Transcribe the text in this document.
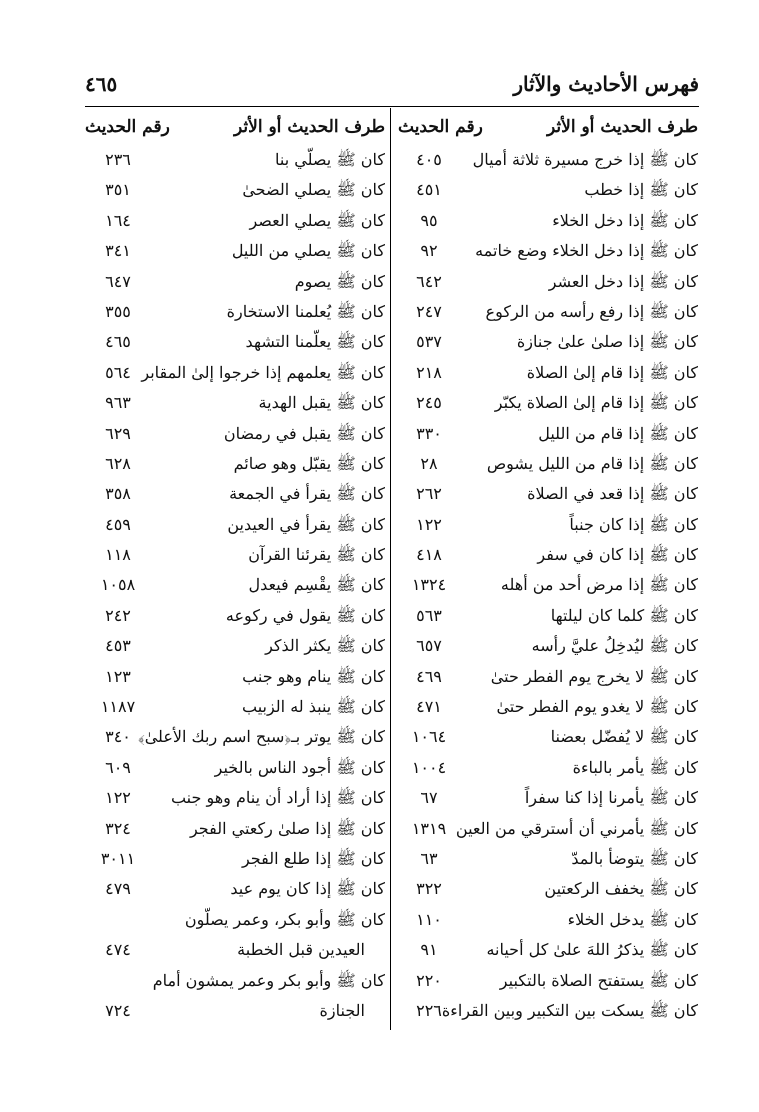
فهرس الأحاديث والآثار
٤٦٥
طرف الحديث أو الأثر
رقم الحديث
كان ﷺ إذا خرج مسيرة ثلاثة أميال
٤٠٥
كان ﷺ إذا خطب
٤٥١
كان ﷺ إذا دخل الخلاء
٩٥
كان ﷺ إذا دخل الخلاء وضع خاتمه
٩٢
كان ﷺ إذا دخل العشر
٦٤٢
كان ﷺ إذا رفع رأسه من الركوع
٢٤٧
كان ﷺ إذا صلىٰ علىٰ جنازة
٥٣٧
كان ﷺ إذا قام إلىٰ الصلاة
٢١٨
كان ﷺ إذا قام إلىٰ الصلاة يكبّر
٢٤٥
كان ﷺ إذا قام من الليل
٣٣٠
كان ﷺ إذا قام من الليل يشوص
٢٨
كان ﷺ إذا قعد في الصلاة
٢٦٢
كان ﷺ إذا كان جنباً
١٢٢
كان ﷺ إذا كان في سفر
٤١٨
كان ﷺ إذا مرض أحد من أهله
١٣٢٤
كان ﷺ كلما كان ليلتها
٥٦٣
كان ﷺ ليُدخِلُ عليَّ رأسه
٦٥٧
كان ﷺ لا يخرج يوم الفطر حتىٰ
٤٦٩
كان ﷺ لا يغدو يوم الفطر حتىٰ
٤٧١
كان ﷺ لا يُفضّل بعضنا
١٠٦٤
كان ﷺ يأمر بالباءة
١٠٠٤
كان ﷺ يأمرنا إذا كنا سفراً
٦٧
كان ﷺ يأمرني أن أسترقي من العين
١٣١٩
كان ﷺ يتوضأ بالمدّ
٦٣
كان ﷺ يخفف الركعتين
٣٢٢
كان ﷺ يدخل الخلاء
١١٠
كان ﷺ يذكرُ اللهَ علىٰ كل أحيانه
٩١
كان ﷺ يستفتح الصلاة بالتكبير
٢٢٠
كان ﷺ يسكت بين التكبير وبين القراءة
٢٢٦
طرف الحديث أو الأثر
رقم الحديث
كان ﷺ يصلّي بنا
٢٣٦
كان ﷺ يصلي الضحىٰ
٣٥١
كان ﷺ يصلي العصر
١٦٤
كان ﷺ يصلي من الليل
٣٤١
كان ﷺ يصوم
٦٤٧
كان ﷺ يُعلمنا الاستخارة
٣٥٥
كان ﷺ يعلّمنا التشهد
٤٦٥
كان ﷺ يعلمهم إذا خرجوا إلىٰ المقابر
٥٦٤
كان ﷺ يقبل الهدية
٩٦٣
كان ﷺ يقبل في رمضان
٦٢٩
كان ﷺ يقبّل وهو صائم
٦٢٨
كان ﷺ يقرأ في الجمعة
٣٥٨
كان ﷺ يقرأ في العيدين
٤٥٩
كان ﷺ يقرئنا القرآن
١١٨
كان ﷺ يقْسِم فيعدل
١٠٥٨
كان ﷺ يقول في ركوعه
٢٤٢
كان ﷺ يكثر الذكر
٤٥٣
كان ﷺ ينام وهو جنب
١٢٣
كان ﷺ ينبذ له الزبيب
١١٨٧
كان ﷺ يوتر بـ﴿سبح اسم ربك الأعلىٰ﴾
٣٤٠
كان ﷺ أجود الناس بالخير
٦٠٩
كان ﷺ إذا أراد أن ينام وهو جنب
١٢٢
كان ﷺ إذا صلىٰ ركعتي الفجر
٣٢٤
كان ﷺ إذا طلع الفجر
٣٠١١
كان ﷺ إذا كان يوم عيد
٤٧٩
كان ﷺ وأبو بكر، وعمر يصلّون
العيدين قبل الخطبة
٤٧٤
كان ﷺ وأبو بكر وعمر يمشون أمام
الجنازة
٧٢٤
